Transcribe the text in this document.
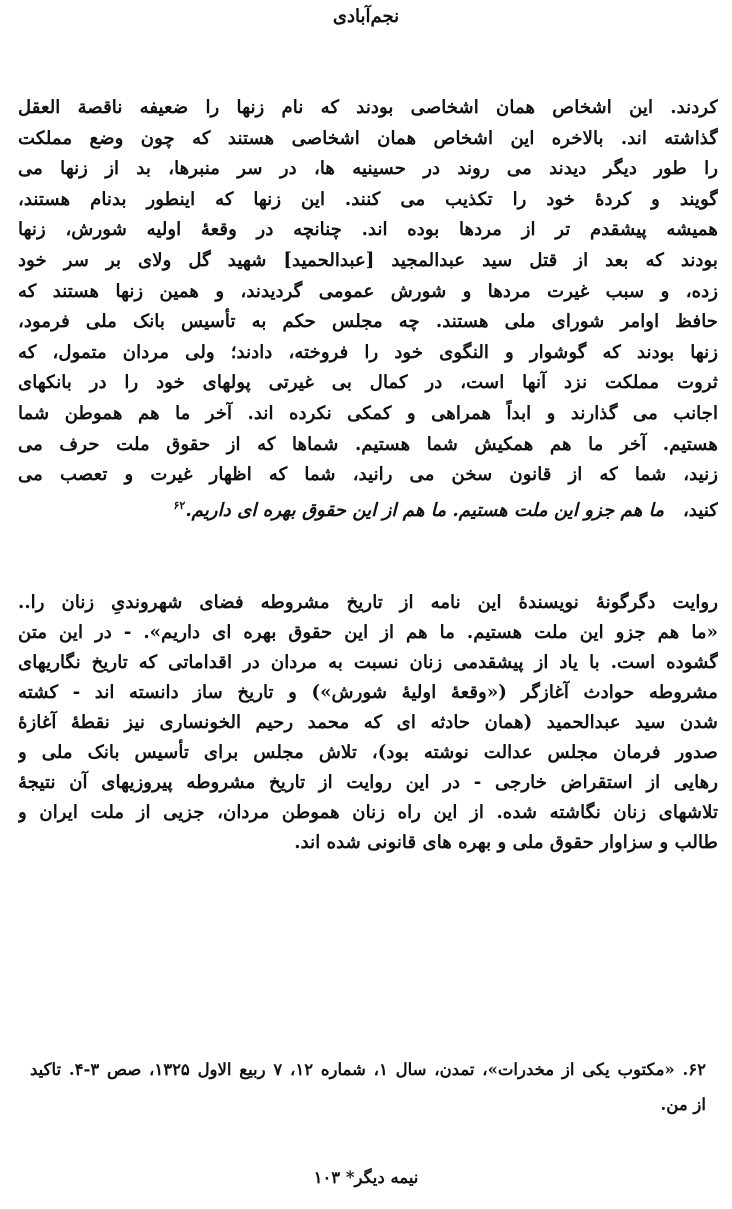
نجم‌آبادی
کردند. این اشخاص همان اشخاصی بودند که نام زنها را ضعیفه ناقصة العقل
گذاشته اند. بالاخره این اشخاص همان اشخاصی هستند که چون وضع مملکت
را طور دیگر دیدند می روند در حسینیه ها، در سر منبرها، بد از زنها می
گویند و کردهٔ خود را تکذیب می کنند. این زنها که اینطور بدنام هستند،
همیشه پیشقدم تر از مردها بوده اند. چنانچه در وقعهٔ اولیه شورش، زنها
بودند که بعد از قتل سید عبدالمجید [عبدالحمید] شهید گل ولای بر سر خود
زده، و سبب غیرت مردها و شورش عمومی گردیدند، و همین زنها هستند که
حافظ اوامر شورای ملی هستند. چه مجلس حکم به تأسیس بانک ملی فرمود،
زنها بودند که گوشوار و النگوی خود را فروخته، دادند؛ ولی مردان متمول، که
ثروت مملکت نزد آنها است، در کمال بی غیرتی پولهای خود را در بانکهای
اجانب می گذارند و ابداً همراهی و کمکی نکرده اند. آخر ما هم هموطن شما
هستیم. آخر ما هم همکیش شما هستیم. شماها که از حقوق ملت حرف می
زنید، شما که از قانون سخن می رانید، شما که اظهار غیرت و تعصب می
کنید،   ما هم جزو این ملت هستیم. ما هم از این حقوق بهره ای داریم.$^{۶۲}$
روایت دگرگونهٔ نویسندهٔ این نامه از تاریخ مشروطه فضای شهروندیِ زنان را..
«ما هم جزو این ملت هستیم. ما هم از این حقوق بهره ای داریم». - در این متن
گشوده است. با یاد از پیشقدمی زنان نسبت به مردان در اقداماتی که تاریخ نگاریهای
مشروطه حوادث آغازگر («وقعهٔ اولیهٔ شورش») و تاریخ ساز دانسته اند - کشته
شدن سید عبدالحمید (همان حادثه ای که محمد رحیم الخونساری نیز نقطهٔ آغازهٔ
صدور فرمان مجلس عدالت نوشته بود)، تلاش مجلس برای تأسیس بانک ملی و
رهایی از استقراض خارجی - در این روایت از تاریخ مشروطه پیروزیهای آن نتیجهٔ
تلاشهای زنان نگاشته شده. از این راه زنان هموطن مردان، جزیی از ملت ایران و
طالب و سزاوار حقوق ملی و بهره های قانونی شده اند.
۶۲. «مکتوب یکی از مخدرات»، تمدن، سال ۱، شماره ۱۲، ۷ ربیع الاول ۱۳۲۵، صص ۳-۴. تاکید
از من.
نیمه دیگر* ۱۰۳
